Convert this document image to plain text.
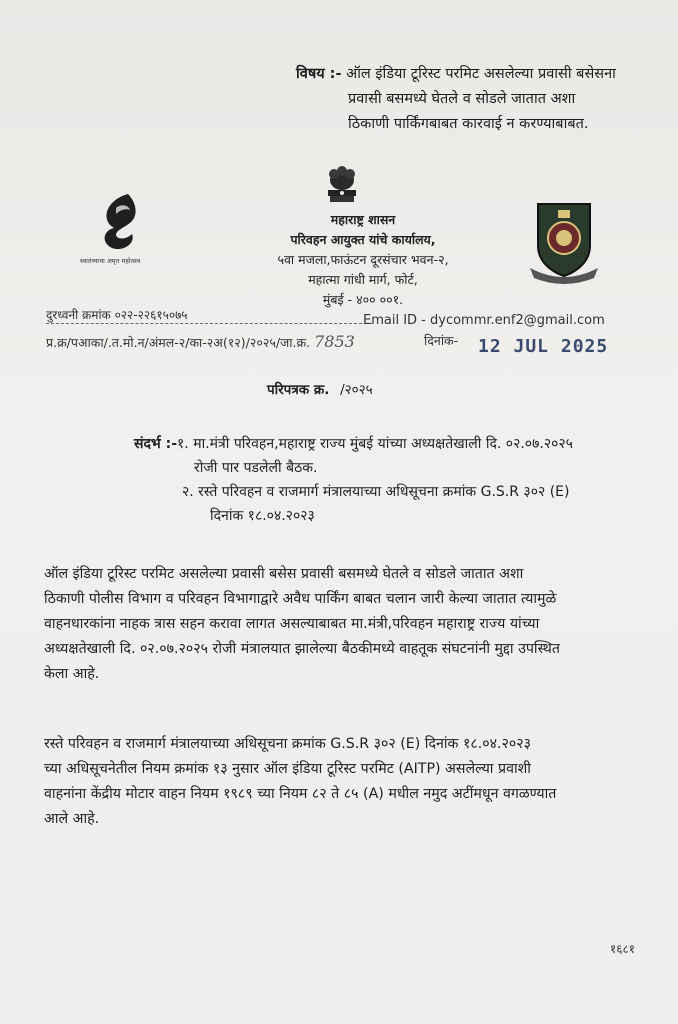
विषय :- ऑल इंडिया टूरिस्ट परमिट असलेल्या प्रवासी बसेसना
प्रवासी बसमध्ये घेतले व सोडले जातात अशा
ठिकाणी पार्किंगबाबत कारवाई न करण्याबाबत.
स्वातंत्र्याचा अमृत महोत्सव
महाराष्ट्र शासन
परिवहन आयुक्त यांचे कार्यालय,
५वा मजला,फाऊंटन दूरसंचार भवन-२,
महात्मा गांधी मार्ग, फोर्ट,
मुंबई - ४०० ००१.
दुरध्वनी क्रमांक ०२२-२२६१५०७५	Email ID - dycommr.enf2@gmail.com
प्र.क्र/पआका/.त.मो.न/अंमल-२/का-२अ(१२)/२०२५/जा.क्र. 7853	दिनांक- 12 JUL 2025
परिपत्रक क्र. /२०२५
संदर्भ :-१. मा.मंत्री परिवहन,महाराष्ट्र राज्य मुंबई यांच्या अध्यक्षतेखाली दि. ०२.०७.२०२५
रोजी पार पडलेली बैठक.
२. रस्ते परिवहन व राजमार्ग मंत्रालयाच्या अधिसूचना क्रमांक G.S.R ३०२ (E)
दिनांक १८.०४.२०२३
ऑल इंडिया टूरिस्ट परमिट असलेल्या प्रवासी बसेस प्रवासी बसमध्ये घेतले व सोडले जातात अशा
ठिकाणी पोलीस विभाग व परिवहन विभागाद्वारे अवैध पार्किंग बाबत चलान जारी केल्या जातात त्यामुळे
वाहनधारकांना नाहक त्रास सहन करावा लागत असल्याबाबत मा.मंत्री,परिवहन महाराष्ट्र राज्य यांच्या
अध्यक्षतेखाली दि. ०२.०७.२०२५ रोजी मंत्रालयात झालेल्या बैठकीमध्ये वाहतूक संघटनांनी मुद्दा उपस्थित
केला आहे.
रस्ते परिवहन व राजमार्ग मंत्रालयाच्या अधिसूचना क्रमांक G.S.R ३०२ (E) दिनांक १८.०४.२०२३
च्या अधिसूचनेतील नियम क्रमांक १३ नुसार ऑल इंडिया टूरिस्ट परमिट (AITP) असलेल्या प्रवाशी
वाहनांना केंद्रीय मोटार वाहन नियम १९८९ च्या नियम ८२ ते ८५ (A) मधील नमुद अटींमधून वगळण्यात
आले आहे.
१६८१
